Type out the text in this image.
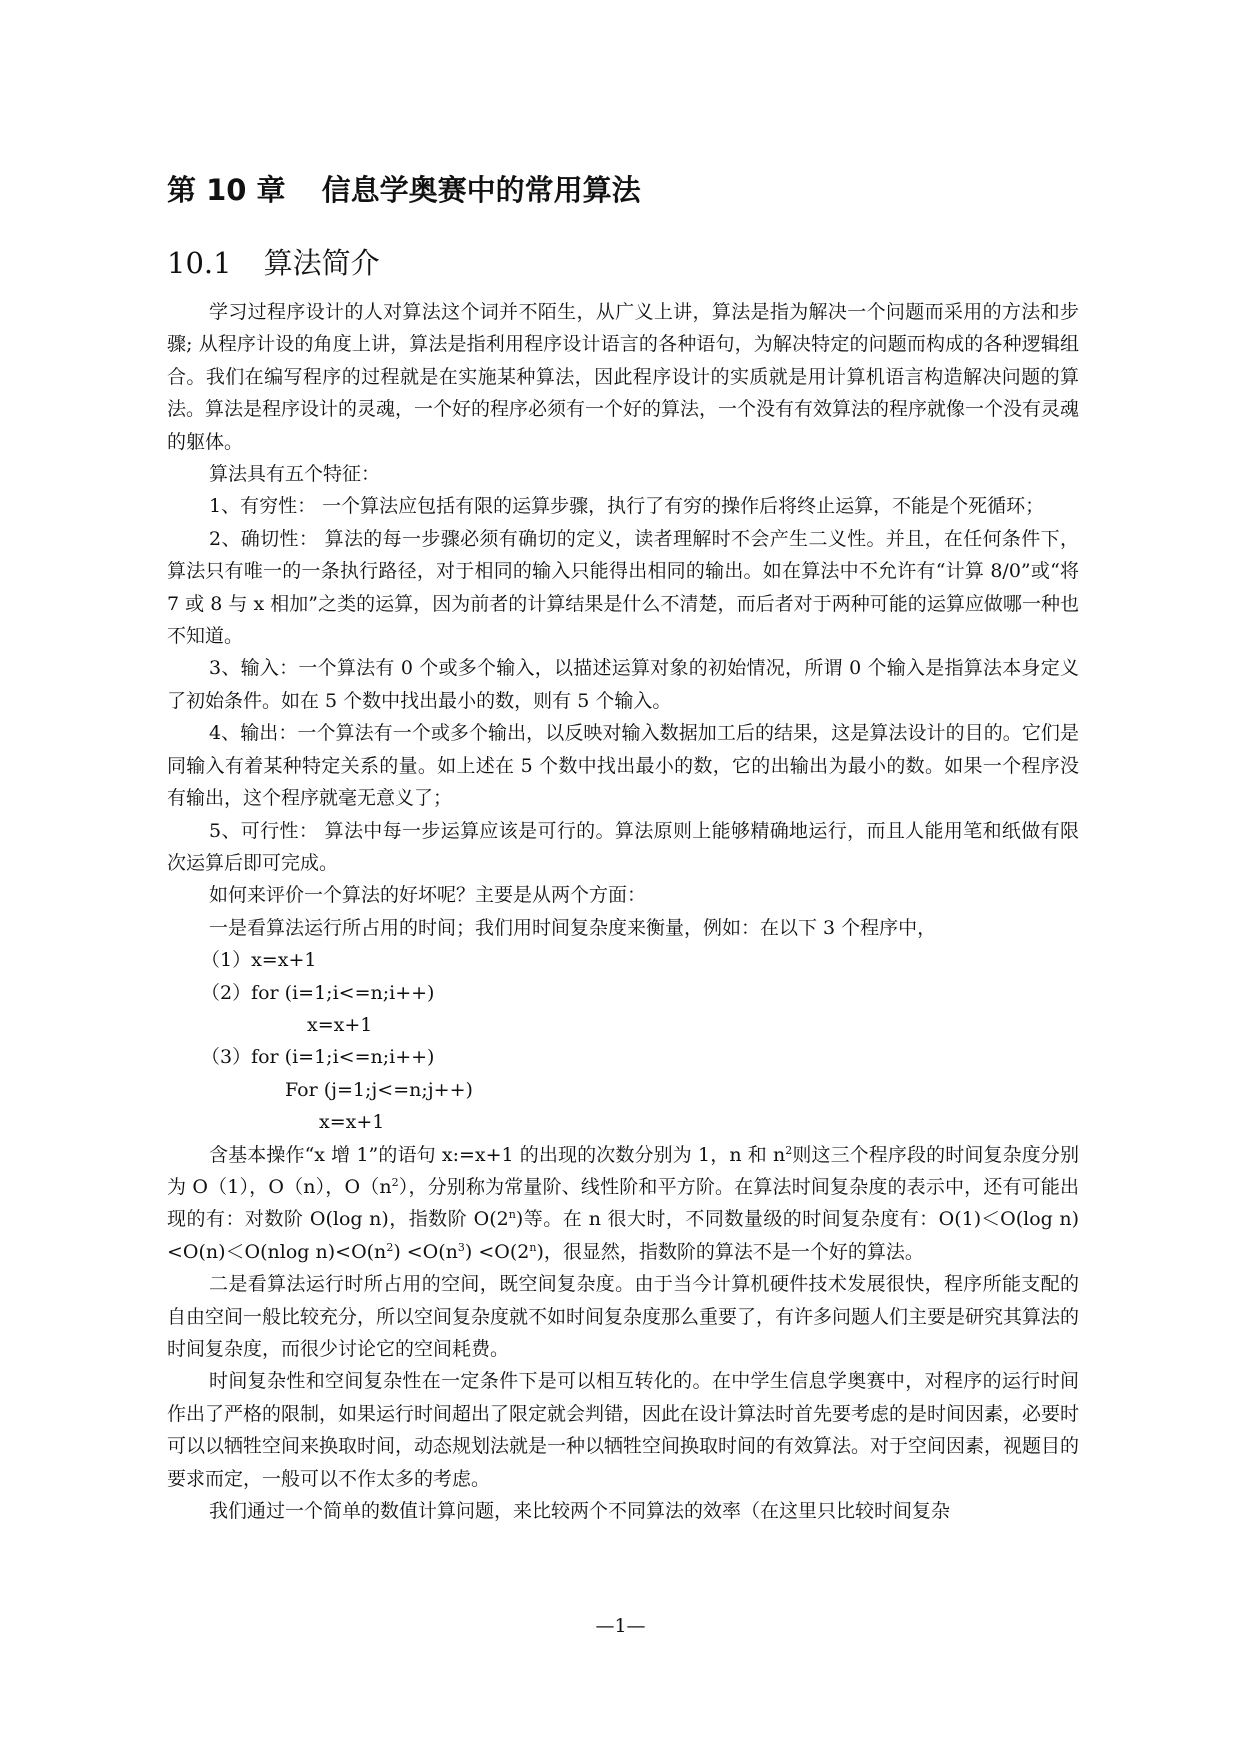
第 10 章 信息学奥赛中的常用算法
10.1 算法简介

学习过程序设计的人对算法这个词并不陌生，从广义上讲，算法是指为解决一个问题而采用的方法和步骤; 从程序计设的角度上讲，算法是指利用程序设计语言的各种语句，为解决特定的问题而构成的各种逻辑组合。我们在编写程序的过程就是在实施某种算法，因此程序设计的实质就是用计算机语言构造解决问题的算法。算法是程序设计的灵魂，一个好的程序必须有一个好的算法，一个没有有效算法的程序就像一个没有灵魂的躯体。

算法具有五个特征：

1、有穷性： 一个算法应包括有限的运算步骤，执行了有穷的操作后将终止运算，不能是个死循环；

2、确切性： 算法的每一步骤必须有确切的定义，读者理解时不会产生二义性。并且，在任何条件下，算法只有唯一的一条执行路径，对于相同的输入只能得出相同的输出。如在算法中不允许有“计算 8/0”或“将 7 或 8 与 x 相加”之类的运算，因为前者的计算结果是什么不清楚，而后者对于两种可能的运算应做哪一种也不知道。

3、输入：一个算法有 0 个或多个输入，以描述运算对象的初始情况，所谓 0 个输入是指算法本身定义了初始条件。如在 5 个数中找出最小的数，则有 5 个输入。

4、输出：一个算法有一个或多个输出，以反映对输入数据加工后的结果，这是算法设计的目的。它们是同输入有着某种特定关系的量。如上述在 5 个数中找出最小的数，它的出输出为最小的数。如果一个程序没有输出，这个程序就毫无意义了；

5、可行性： 算法中每一步运算应该是可行的。算法原则上能够精确地运行，而且人能用笔和纸做有限次运算后即可完成。

如何来评价一个算法的好坏呢？主要是从两个方面：

一是看算法运行所占用的时间；我们用时间复杂度来衡量，例如：在以下 3 个程序中，

（1）x=x+1

（2）for (i=1;i<=n;i++)

x=x+1

（3）for (i=1;i<=n;i++)

For (j=1;j<=n;j++)

x=x+1

含基本操作“x 增 1”的语句 x:=x+1 的出现的次数分别为 1，n 和 $n^2$则这三个程序段的时间复杂度分别为 O（1），O（n），$O(n^2)$，分别称为常量阶、线性阶和平方阶。在算法时间复杂度的表示中，还有可能出现的有：对数阶 O(log n)，指数阶 O(2$^n$)等。在 n 很大时，不同数量级的时间复杂度有：O(1)＜O(log n)<O(n)＜O(nlog $n)<O(n^2) <O(n^3) <O(2^n)$，很显然，指数阶的算法不是一个好的算法。

二是看算法运行时所占用的空间，既空间复杂度。由于当今计算机硬件技术发展很快，程序所能支配的自由空间一般比较充分，所以空间复杂度就不如时间复杂度那么重要了，有许多问题人们主要是研究其算法的时间复杂度，而很少讨论它的空间耗费。

时间复杂性和空间复杂性在一定条件下是可以相互转化的。在中学生信息学奥赛中，对程序的运行时间作出了严格的限制，如果运行时间超出了限定就会判错，因此在设计算法时首先要考虑的是时间因素，必要时可以以牺牲空间来换取时间，动态规划法就是一种以牺牲空间换取时间的有效算法。对于空间因素，视题目的要求而定，一般可以不作太多的考虑。

我们通过一个简单的数值计算问题，来比较两个不同算法的效率（在这里只比较时间复杂

—1—
